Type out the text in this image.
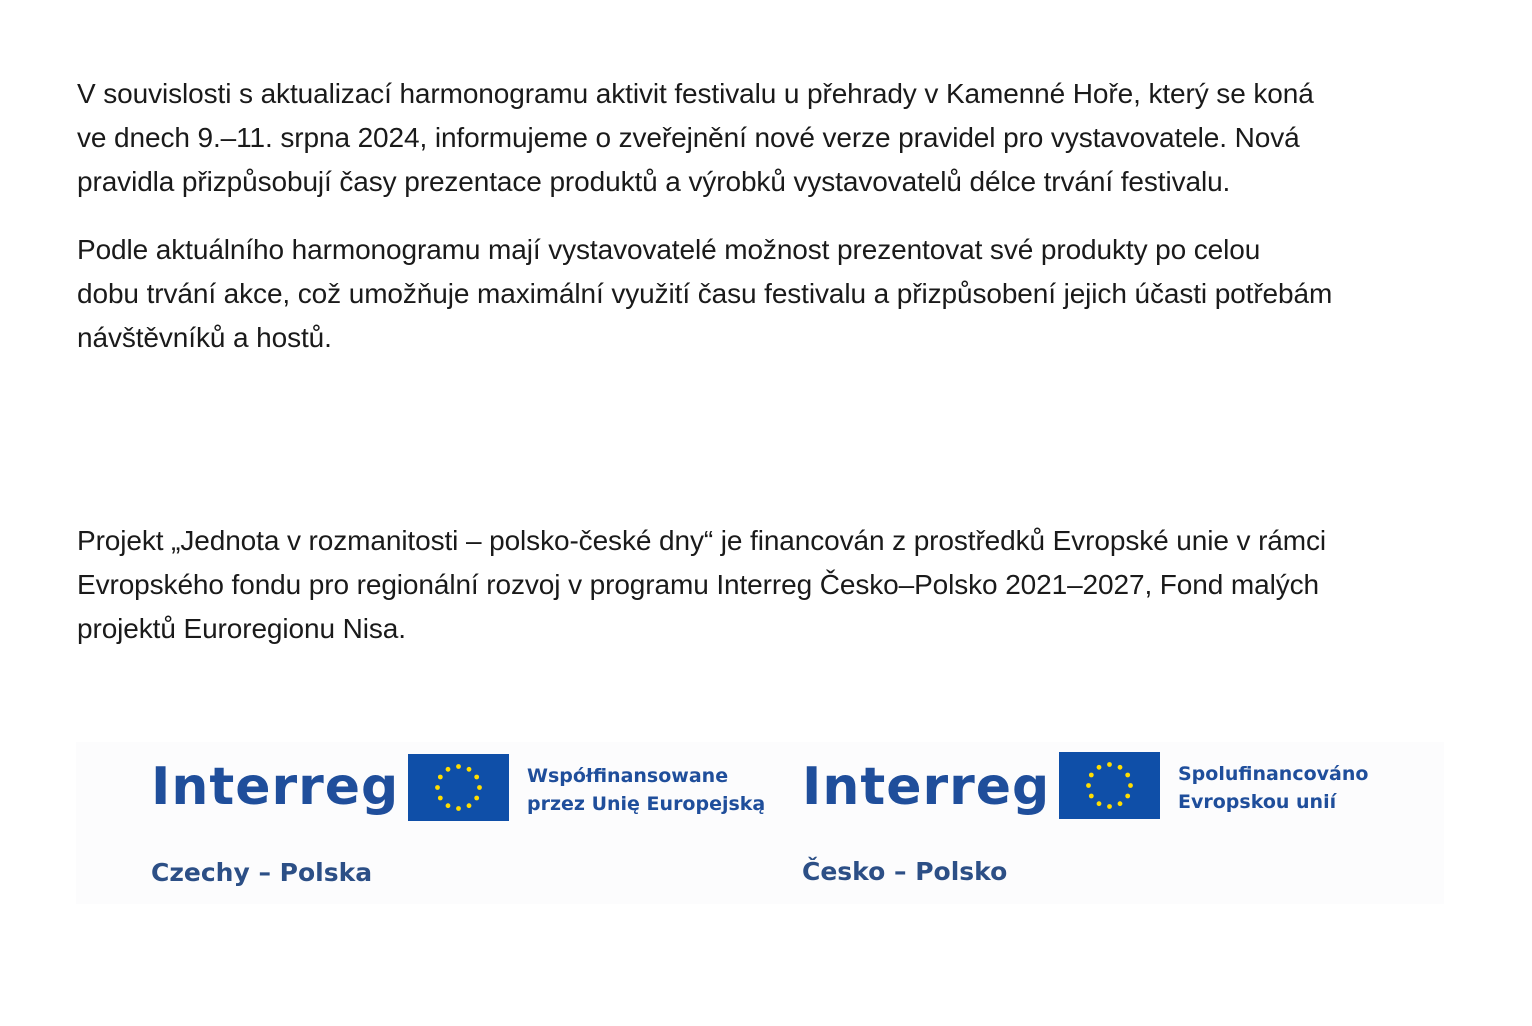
V souvislosti s aktualizací harmonogramu aktivit festivalu u přehrady v Kamenné Hoře, který se koná
ve dnech 9.–11. srpna 2024, informujeme o zveřejnění nové verze pravidel pro vystavovatele. Nová
pravidla přizpůsobují časy prezentace produktů a výrobků vystavovatelů délce trvání festivalu.

Podle aktuálního harmonogramu mají vystavovatelé možnost prezentovat své produkty po celou
dobu trvání akce, což umožňuje maximální využití času festivalu a přizpůsobení jejich účasti potřebám
návštěvníků a hostů.

Projekt „Jednota v rozmanitosti – polsko-české dny“ je financován z prostředků Evropské unie v rámci
Evropského fondu pro regionální rozvoj v programu Interreg Česko–Polsko 2021–2027, Fond malých
projektů Euroregionu Nisa.

Interreg	Współfinansowane
przez Unię Europejską
Czechy – Polska
Interreg	Spolufinancováno
Evropskou unií
Česko – Polsko
